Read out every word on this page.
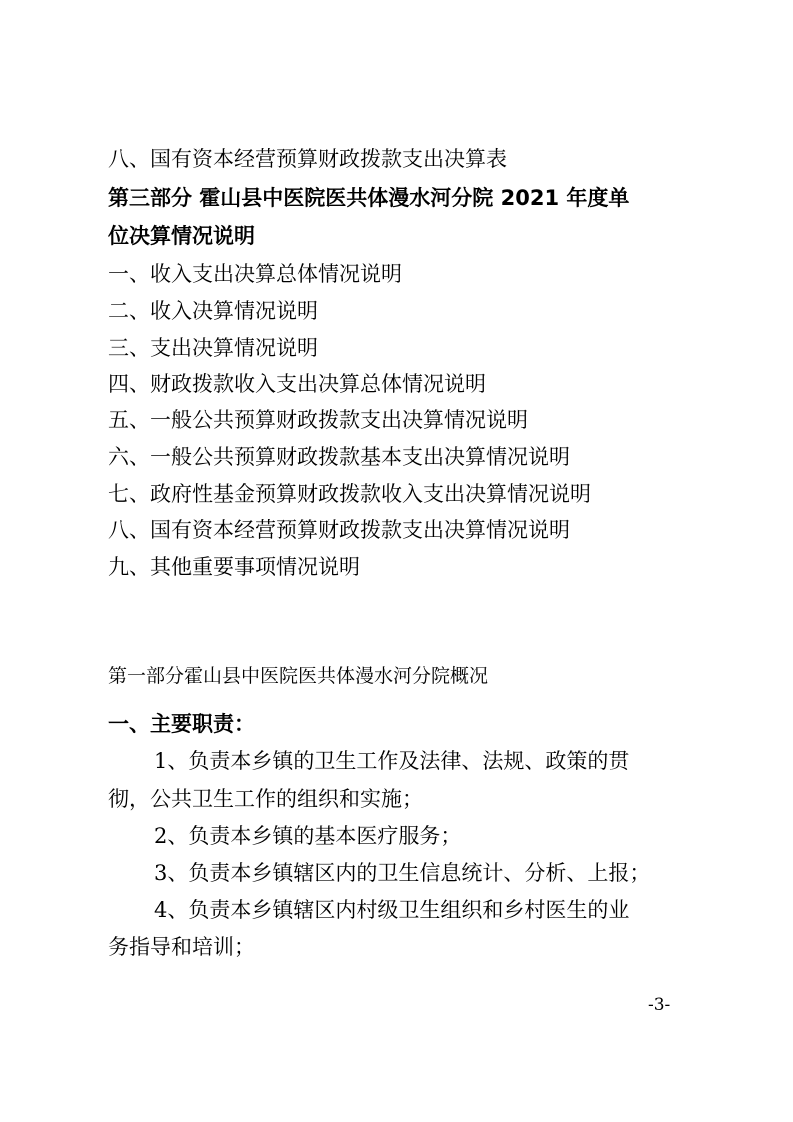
八、国有资本经营预算财政拨款支出决算表
第三部分 霍山县中医院医共体漫水河分院 2021 年度单
位决算情况说明
一、收入支出决算总体情况说明
二、收入决算情况说明
三、支出决算情况说明
四、财政拨款收入支出决算总体情况说明
五、一般公共预算财政拨款支出决算情况说明
六、一般公共预算财政拨款基本支出决算情况说明
七、政府性基金预算财政拨款收入支出决算情况说明
八、国有资本经营预算财政拨款支出决算情况说明
九、其他重要事项情况说明
第一部分霍山县中医院医共体漫水河分院概况
一、主要职责：
1、负责本乡镇的卫生工作及法律、法规、政策的贯
彻，公共卫生工作的组织和实施；
2、负责本乡镇的基本医疗服务；
3、负责本乡镇辖区内的卫生信息统计、分析、上报；
4、负责本乡镇辖区内村级卫生组织和乡村医生的业
务指导和培训；
-3-
